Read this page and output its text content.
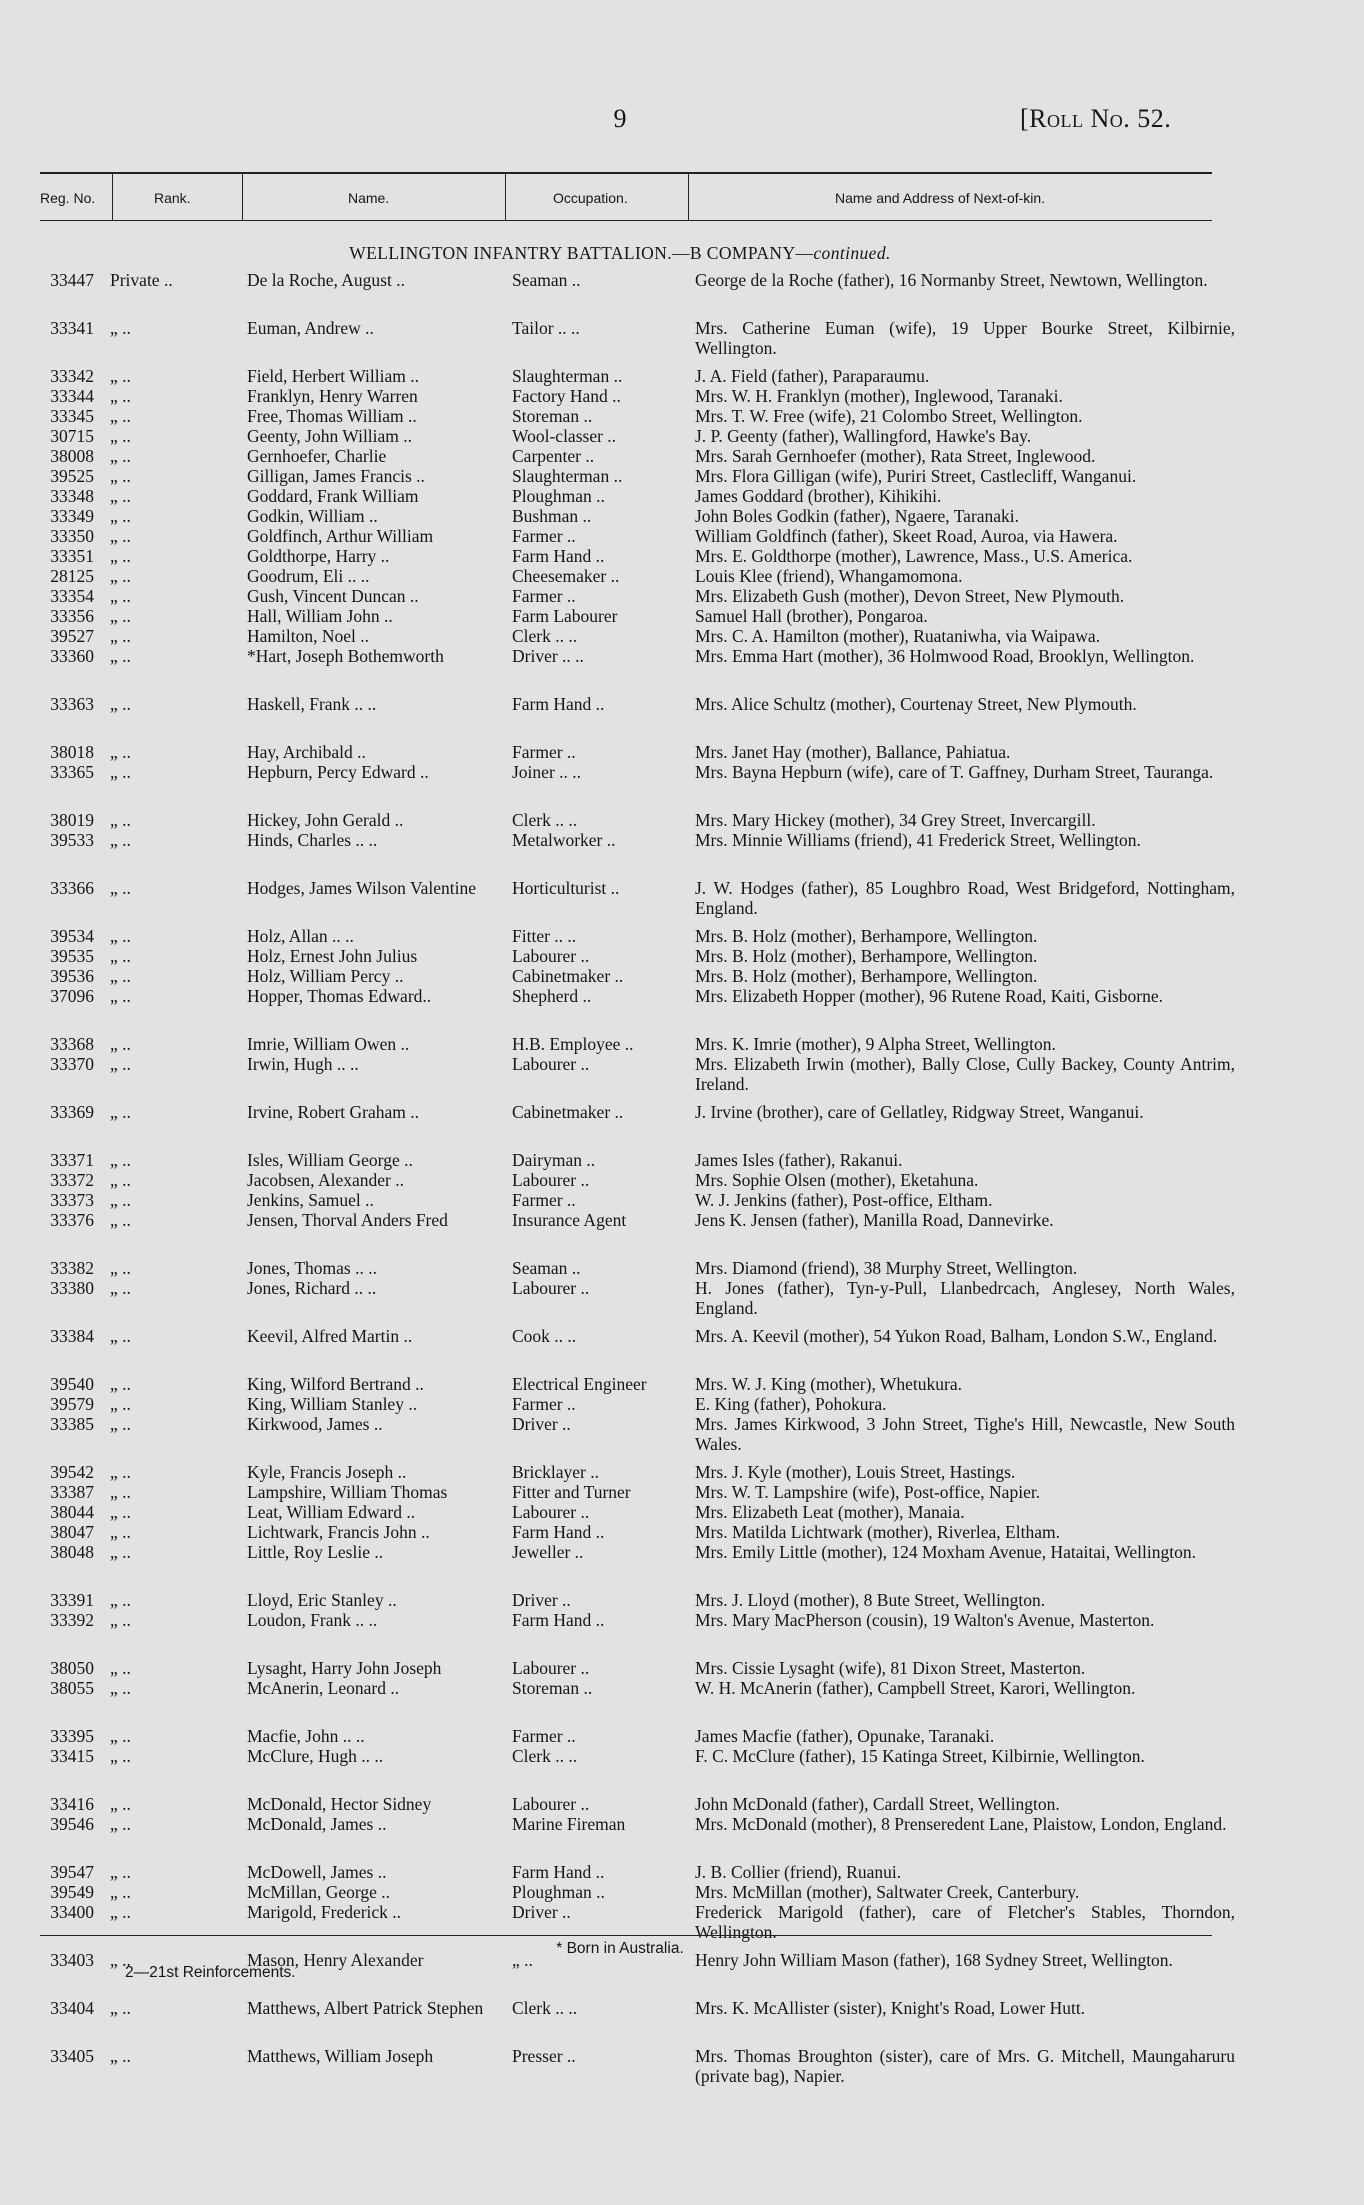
9	[Roll No. 52.
Reg. No.	Rank.	Name.	Occupation.	Name and Address of Next-of-kin.
WELLINGTON INFANTRY BATTALION.—B COMPANY—continued.
33447 Private ..	De la Roche, August ..	Seaman ..	George de la Roche (father), 16 Normanby Street, Newtown, Wellington.
33341 „ ..	Euman, Andrew ..	Tailor .. ..	Mrs. Catherine Euman (wife), 19 Upper Bourke Street, Kilbirnie, Wellington.
33342 „ ..	Field, Herbert William ..	Slaughterman ..	J. A. Field (father), Paraparaumu.
33344 „ ..	Franklyn, Henry Warren	Factory Hand ..	Mrs. W. H. Franklyn (mother), Inglewood, Taranaki.
33345 „ ..	Free, Thomas William ..	Storeman ..	Mrs. T. W. Free (wife), 21 Colombo Street, Wellington.
30715 „ ..	Geenty, John William ..	Wool-classer ..	J. P. Geenty (father), Wallingford, Hawke's Bay.
38008 „ ..	Gernhoefer, Charlie	Carpenter ..	Mrs. Sarah Gernhoefer (mother), Rata Street, Inglewood.
39525 „ ..	Gilligan, James Francis ..	Slaughterman ..	Mrs. Flora Gilligan (wife), Puriri Street, Castlecliff, Wanganui.
33348 „ ..	Goddard, Frank William	Ploughman ..	James Goddard (brother), Kihikihi.
33349 „ ..	Godkin, William ..	Bushman ..	John Boles Godkin (father), Ngaere, Taranaki.
33350 „ ..	Goldfinch, Arthur William	Farmer ..	William Goldfinch (father), Skeet Road, Auroa, via Hawera.
33351 „ ..	Goldthorpe, Harry ..	Farm Hand ..	Mrs. E. Goldthorpe (mother), Lawrence, Mass., U.S. America.
28125 „ ..	Goodrum, Eli .. ..	Cheesemaker ..	Louis Klee (friend), Whangamomona.
33354 „ ..	Gush, Vincent Duncan ..	Farmer ..	Mrs. Elizabeth Gush (mother), Devon Street, New Plymouth.
33356 „ ..	Hall, William John ..	Farm Labourer	Samuel Hall (brother), Pongaroa.
39527 „ ..	Hamilton, Noel ..	Clerk .. ..	Mrs. C. A. Hamilton (mother), Ruataniwha, via Waipawa.
33360 „ ..	*Hart, Joseph Bothemworth	Driver .. ..	Mrs. Emma Hart (mother), 36 Holmwood Road, Brooklyn, Wellington.
33363 „ ..	Haskell, Frank .. ..	Farm Hand ..	Mrs. Alice Schultz (mother), Courtenay Street, New Plymouth.
38018 „ ..	Hay, Archibald ..	Farmer ..	Mrs. Janet Hay (mother), Ballance, Pahiatua.
33365 „ ..	Hepburn, Percy Edward ..	Joiner .. ..	Mrs. Bayna Hepburn (wife), care of T. Gaffney, Durham Street, Tauranga.
38019 „ ..	Hickey, John Gerald ..	Clerk .. ..	Mrs. Mary Hickey (mother), 34 Grey Street, Invercargill.
39533 „ ..	Hinds, Charles .. ..	Metalworker ..	Mrs. Minnie Williams (friend), 41 Frederick Street, Wellington.
33366 „ ..	Hodges, James Wilson Valentine	Horticulturist ..	J. W. Hodges (father), 85 Loughbro Road, West Bridgeford, Nottingham, England.
39534 „ ..	Holz, Allan .. ..	Fitter .. ..	Mrs. B. Holz (mother), Berhampore, Wellington.
39535 „ ..	Holz, Ernest John Julius	Labourer ..	Mrs. B. Holz (mother), Berhampore, Wellington.
39536 „ ..	Holz, William Percy ..	Cabinetmaker ..	Mrs. B. Holz (mother), Berhampore, Wellington.
37096 „ ..	Hopper, Thomas Edward..	Shepherd ..	Mrs. Elizabeth Hopper (mother), 96 Rutene Road, Kaiti, Gisborne.
33368 „ ..	Imrie, William Owen ..	H.B. Employee ..	Mrs. K. Imrie (mother), 9 Alpha Street, Wellington.
33370 „ ..	Irwin, Hugh .. ..	Labourer ..	Mrs. Elizabeth Irwin (mother), Bally Close, Cully Backey, County Antrim, Ireland.
33369 „ ..	Irvine, Robert Graham ..	Cabinetmaker ..	J. Irvine (brother), care of Gellatley, Ridgway Street, Wanganui.
33371 „ ..	Isles, William George ..	Dairyman ..	James Isles (father), Rakanui.
33372 „ ..	Jacobsen, Alexander ..	Labourer ..	Mrs. Sophie Olsen (mother), Eketahuna.
33373 „ ..	Jenkins, Samuel ..	Farmer ..	W. J. Jenkins (father), Post-office, Eltham.
33376 „ ..	Jensen, Thorval Anders Fred	Insurance Agent	Jens K. Jensen (father), Manilla Road, Dannevirke.
33382 „ ..	Jones, Thomas .. ..	Seaman ..	Mrs. Diamond (friend), 38 Murphy Street, Wellington.
33380 „ ..	Jones, Richard .. ..	Labourer ..	H. Jones (father), Tyn-y-Pull, Llanbedrcach, Anglesey, North Wales, England.
33384 „ ..	Keevil, Alfred Martin ..	Cook .. ..	Mrs. A. Keevil (mother), 54 Yukon Road, Balham, London S.W., England.
39540 „ ..	King, Wilford Bertrand ..	Electrical Engineer	Mrs. W. J. King (mother), Whetukura.
39579 „ ..	King, William Stanley ..	Farmer ..	E. King (father), Pohokura.
33385 „ ..	Kirkwood, James ..	Driver ..	Mrs. James Kirkwood, 3 John Street, Tighe's Hill, Newcastle, New South Wales.
39542 „ ..	Kyle, Francis Joseph ..	Bricklayer ..	Mrs. J. Kyle (mother), Louis Street, Hastings.
33387 „ ..	Lampshire, William Thomas	Fitter and Turner	Mrs. W. T. Lampshire (wife), Post-office, Napier.
38044 „ ..	Leat, William Edward ..	Labourer ..	Mrs. Elizabeth Leat (mother), Manaia.
38047 „ ..	Lichtwark, Francis John ..	Farm Hand ..	Mrs. Matilda Lichtwark (mother), Riverlea, Eltham.
38048 „ ..	Little, Roy Leslie ..	Jeweller ..	Mrs. Emily Little (mother), 124 Moxham Avenue, Hataitai, Wellington.
33391 „ ..	Lloyd, Eric Stanley ..	Driver ..	Mrs. J. Lloyd (mother), 8 Bute Street, Wellington.
33392 „ ..	Loudon, Frank .. ..	Farm Hand ..	Mrs. Mary MacPherson (cousin), 19 Walton's Avenue, Masterton.
38050 „ ..	Lysaght, Harry John Joseph	Labourer ..	Mrs. Cissie Lysaght (wife), 81 Dixon Street, Masterton.
38055 „ ..	McAnerin, Leonard ..	Storeman ..	W. H. McAnerin (father), Campbell Street, Karori, Wellington.
33395 „ ..	Macfie, John .. ..	Farmer ..	James Macfie (father), Opunake, Taranaki.
33415 „ ..	McClure, Hugh .. ..	Clerk .. ..	F. C. McClure (father), 15 Katinga Street, Kilbirnie, Wellington.
33416 „ ..	McDonald, Hector Sidney	Labourer ..	John McDonald (father), Cardall Street, Wellington.
39546 „ ..	McDonald, James ..	Marine Fireman	Mrs. McDonald (mother), 8 Prenseredent Lane, Plaistow, London, England.
39547 „ ..	McDowell, James ..	Farm Hand ..	J. B. Collier (friend), Ruanui.
39549 „ ..	McMillan, George ..	Ploughman ..	Mrs. McMillan (mother), Saltwater Creek, Canterbury.
33400 „ ..	Marigold, Frederick ..	Driver ..	Frederick Marigold (father), care of Fletcher's Stables, Thorndon, Wellington.
33403 „ ..	Mason, Henry Alexander	„ ..	Henry John William Mason (father), 168 Sydney Street, Wellington.
33404 „ ..	Matthews, Albert Patrick Stephen	Clerk .. ..	Mrs. K. McAllister (sister), Knight's Road, Lower Hutt.
33405 „ ..	Matthews, William Joseph	Presser ..	Mrs. Thomas Broughton (sister), care of Mrs. G. Mitchell, Maungaharuru (private bag), Napier.
* Born in Australia.
2—21st Reinforcements.
